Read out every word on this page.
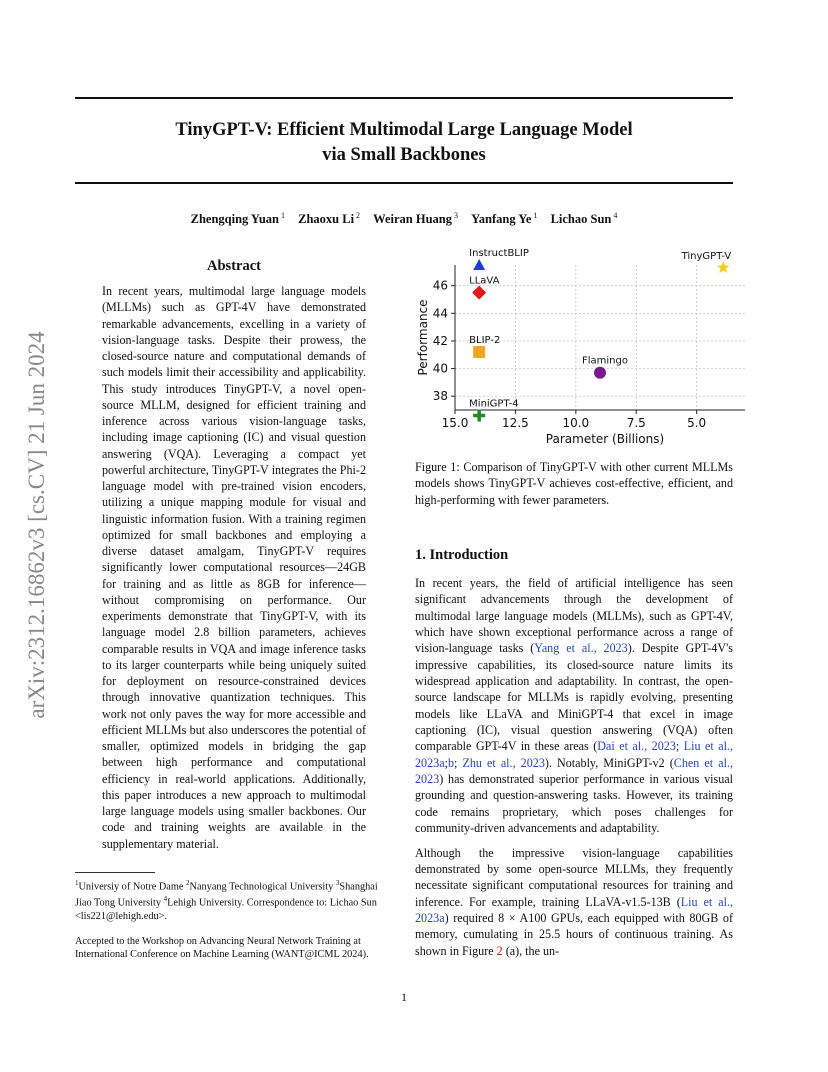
TinyGPT-V: Efficient Multimodal Large Language Model
via Small Backbones
Zhengqing Yuan $^1$ Zhaoxu Li $^2$ Weiran Huang $^3$ Yanfang Ye $^1$ Lichao Sun $^4$
arXiv:2312.16862v3 [cs.CV] 21 Jun 2024
Abstract
In recent years, multimodal large language models (MLLMs) such as GPT-4V have demonstrated remarkable advancements, excelling in a variety of vision-language tasks. Despite their prowess, the closed-source nature and computational demands of such models limit their accessibility and applicability. This study introduces TinyGPT-V, a novel open-source MLLM, designed for efficient training and inference across various vision-language tasks, including image captioning (IC) and visual question answering (VQA). Leveraging a compact yet powerful architecture, TinyGPT-V integrates the Phi-2 language model with pre-trained vision encoders, utilizing a unique mapping module for visual and linguistic information fusion. With a training regimen optimized for small backbones and employing a diverse dataset amalgam, TinyGPT-V requires significantly lower computational resources—24GB for training and as little as 8GB for inference—without compromising on performance. Our experiments demonstrate that TinyGPT-V, with its language model 2.8 billion parameters, achieves comparable results in VQA and image inference tasks to its larger counterparts while being uniquely suited for deployment on resource-constrained devices through innovative quantization techniques. This work not only paves the way for more accessible and efficient MLLMs but also underscores the potential of smaller, optimized models in bridging the gap between high performance and computational efficiency in real-world applications. Additionally, this paper introduces a new approach to multimodal large language models using smaller backbones. Our code and training weights are available in the supplementary material.

$^1$Universiy of Notre Dame $^2$Nanyang Technological University $^3$Shanghai Jiao Tong University $^4$Lehigh University. Correspondence to: Lichao Sun <lis221@lehigh.edu>.

Accepted to the Workshop on Advancing Neural Network Training at International Conference on Machine Learning (WANT@ICML 2024).

15.0	12.5	10.0	7.5	5.0
38
40
42
44
46
Parameter (Billions)
Performance
InstructBLIP
LLaVA
BLIP-2
Flamingo
MiniGPT-4
TinyGPT-V
Figure 1: Comparison of TinyGPT-V with other current MLLMs models shows TinyGPT-V achieves cost-effective, efficient, and high-performing with fewer parameters.
1. Introduction

In recent years, the field of artificial intelligence has seen significant advancements through the development of multimodal large language models (MLLMs), such as GPT-4V, which have shown exceptional performance across a range of vision-language tasks (Yang et al., 2023). Despite GPT-4V's impressive capabilities, its closed-source nature limits its widespread application and adaptability. In contrast, the open-source landscape for MLLMs is rapidly evolving, presenting models like LLaVA and MiniGPT-4 that excel in image captioning (IC), visual question answering (VQA) often comparable GPT-4V in these areas (Dai et al., 2023; Liu et al., 2023a;b; Zhu et al., 2023). Notably, MiniGPT-v2 (Chen et al., 2023) has demonstrated superior performance in various visual grounding and question-answering tasks. However, its training code remains proprietary, which poses challenges for community-driven advancements and adaptability.

Although the impressive vision-language capabilities demonstrated by some open-source MLLMs, they frequently necessitate significant computational resources for training and inference. For example, training LLaVA-v1.5-13B (Liu et al., 2023a) required 8 × A100 GPUs, each equipped with 80GB of memory, cumulating in 25.5 hours of continuous training. As shown in Figure 2 (a), the un-

1
